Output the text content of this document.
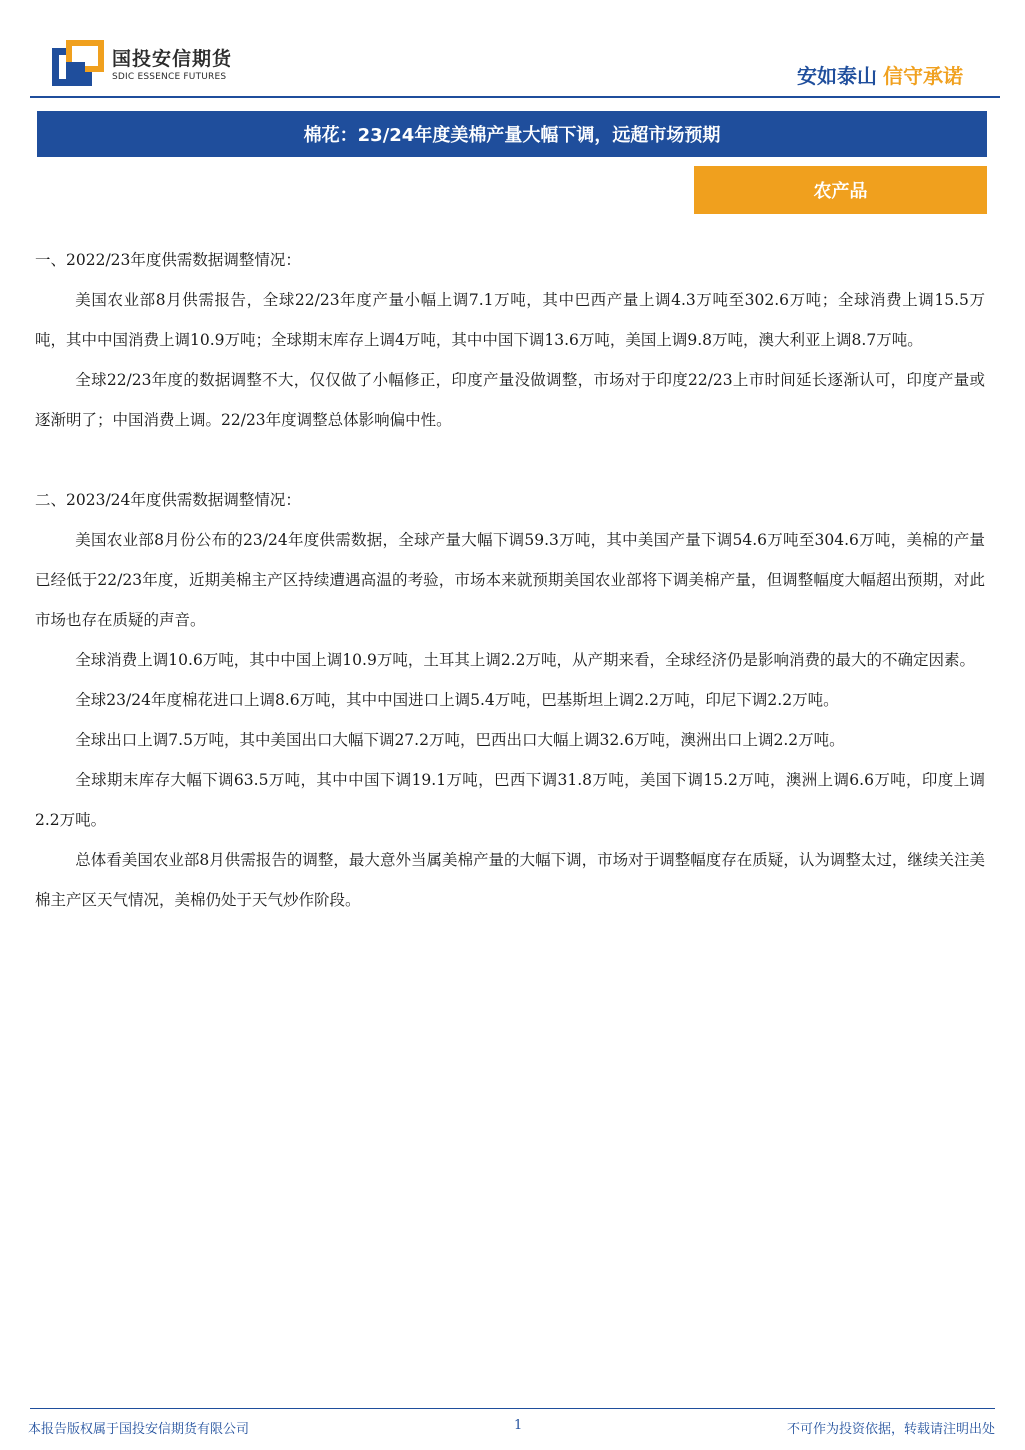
国投安信期货
SDIC ESSENCE FUTURES	安如泰山 信守承诺
棉花：23/24年度美棉产量大幅下调，远超市场预期
农产品

一、2022/23年度供需数据调整情况：

美国农业部8月供需报告，全球22/23年度产量小幅上调7.1万吨，其中巴西产量上调4.3万吨至302.6万吨；全球消费上调15.5万吨，其中中国消费上调10.9万吨；全球期末库存上调4万吨，其中中国下调13.6万吨，美国上调9.8万吨，澳大利亚上调8.7万吨。

全球22/23年度的数据调整不大，仅仅做了小幅修正，印度产量没做调整，市场对于印度22/23上市时间延长逐渐认可，印度产量或逐渐明了；中国消费上调。22/23年度调整总体影响偏中性。

二、2023/24年度供需数据调整情况：

美国农业部8月份公布的23/24年度供需数据，全球产量大幅下调59.3万吨，其中美国产量下调54.6万吨至304.6万吨，美棉的产量已经低于22/23年度，近期美棉主产区持续遭遇高温的考验，市场本来就预期美国农业部将下调美棉产量，但调整幅度大幅超出预期，对此市场也存在质疑的声音。

全球消费上调10.6万吨，其中中国上调10.9万吨，土耳其上调2.2万吨，从产期来看，全球经济仍是影响消费的最大的不确定因素。

全球23/24年度棉花进口上调8.6万吨，其中中国进口上调5.4万吨，巴基斯坦上调2.2万吨，印尼下调2.2万吨。

全球出口上调7.5万吨，其中美国出口大幅下调27.2万吨，巴西出口大幅上调32.6万吨，澳洲出口上调2.2万吨。

全球期末库存大幅下调63.5万吨，其中中国下调19.1万吨，巴西下调31.8万吨，美国下调15.2万吨，澳洲上调6.6万吨，印度上调2.2万吨。

总体看美国农业部8月供需报告的调整，最大意外当属美棉产量的大幅下调，市场对于调整幅度存在质疑，认为调整太过，继续关注美棉主产区天气情况，美棉仍处于天气炒作阶段。

本报告版权属于国投安信期货有限公司	1	不可作为投资依据，转载请注明出处
